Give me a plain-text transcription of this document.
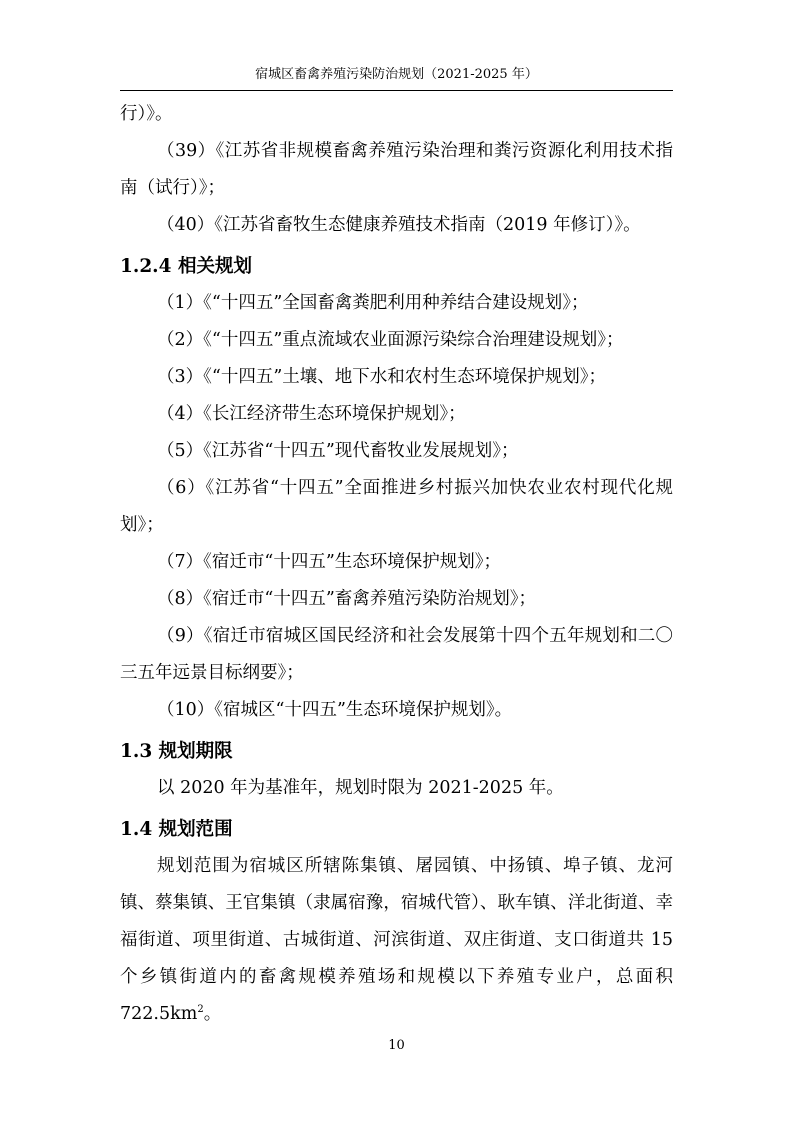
宿城区畜禽养殖污染防治规划（2021-2025 年）

行）》。

（39）《江苏省非规模畜禽养殖污染治理和粪污资源化利用技术指南（试行）》；

（40）《江苏省畜牧生态健康养殖技术指南（2019 年修订）》。

1.2.4 相关规划

（1）《“十四五”全国畜禽粪肥利用种养结合建设规划》；

（2）《“十四五”重点流域农业面源污染综合治理建设规划》；

（3）《“十四五”土壤、地下水和农村生态环境保护规划》；

（4）《长江经济带生态环境保护规划》；

（5）《江苏省“十四五”现代畜牧业发展规划》；

（6）《江苏省“十四五”全面推进乡村振兴加快农业农村现代化规划》；

（7）《宿迁市“十四五”生态环境保护规划》；

（8）《宿迁市“十四五”畜禽养殖污染防治规划》；

（9）《宿迁市宿城区国民经济和社会发展第十四个五年规划和二〇三五年远景目标纲要》；

（10）《宿城区“十四五”生态环境保护规划》。

1.3 规划期限

以 2020 年为基准年，规划时限为 2021-2025 年。

1.4 规划范围

规划范围为宿城区所辖陈集镇、屠园镇、中扬镇、埠子镇、龙河镇、蔡集镇、王官集镇（隶属宿豫，宿城代管）、耿车镇、洋北街道、幸福街道、项里街道、古城街道、河滨街道、双庄街道、支口街道共 15 个乡镇街道内的畜禽规模养殖场和规模以下养殖专业户，总面积 $722.5km^2$。

10
